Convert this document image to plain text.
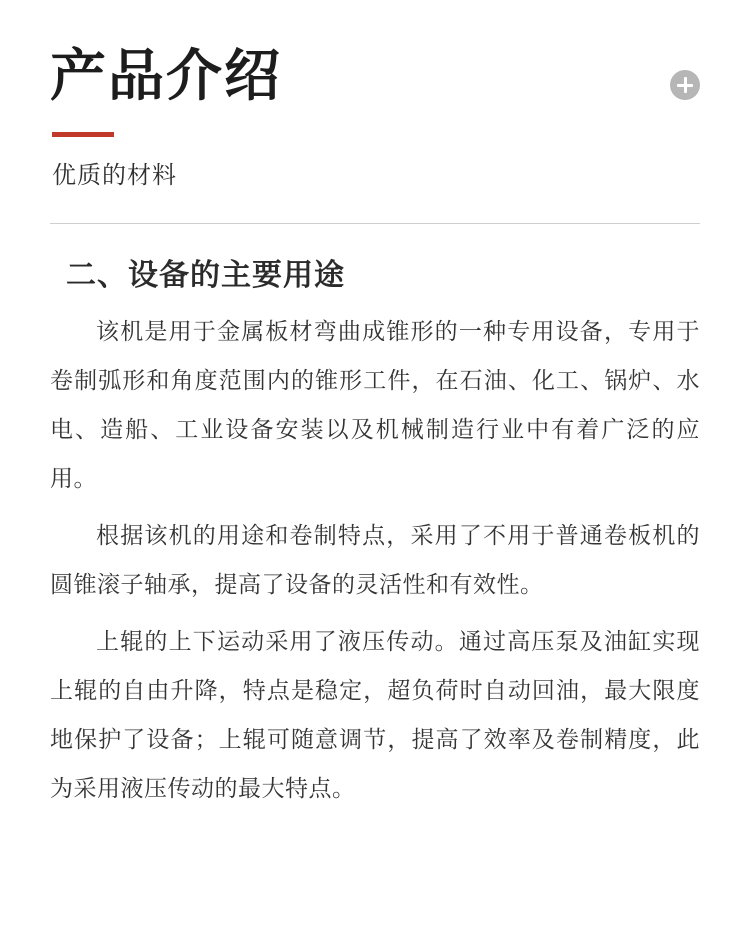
产品介绍
优质的材料
二、设备的主要用途

该机是用于金属板材弯曲成锥形的一种专用设备，专用于卷制弧形和角度范围内的锥形工件，在石油、化工、锅炉、水电、造船、工业设备安装以及机械制造行业中有着广泛的应用。

根据该机的用途和卷制特点，采用了不用于普通卷板机的圆锥滚子轴承，提高了设备的灵活性和有效性。

上辊的上下运动采用了液压传动。通过高压泵及油缸实现上辊的自由升降，特点是稳定，超负荷时自动回油，最大限度地保护了设备；上辊可随意调节，提高了效率及卷制精度，此为采用液压传动的最大特点。
